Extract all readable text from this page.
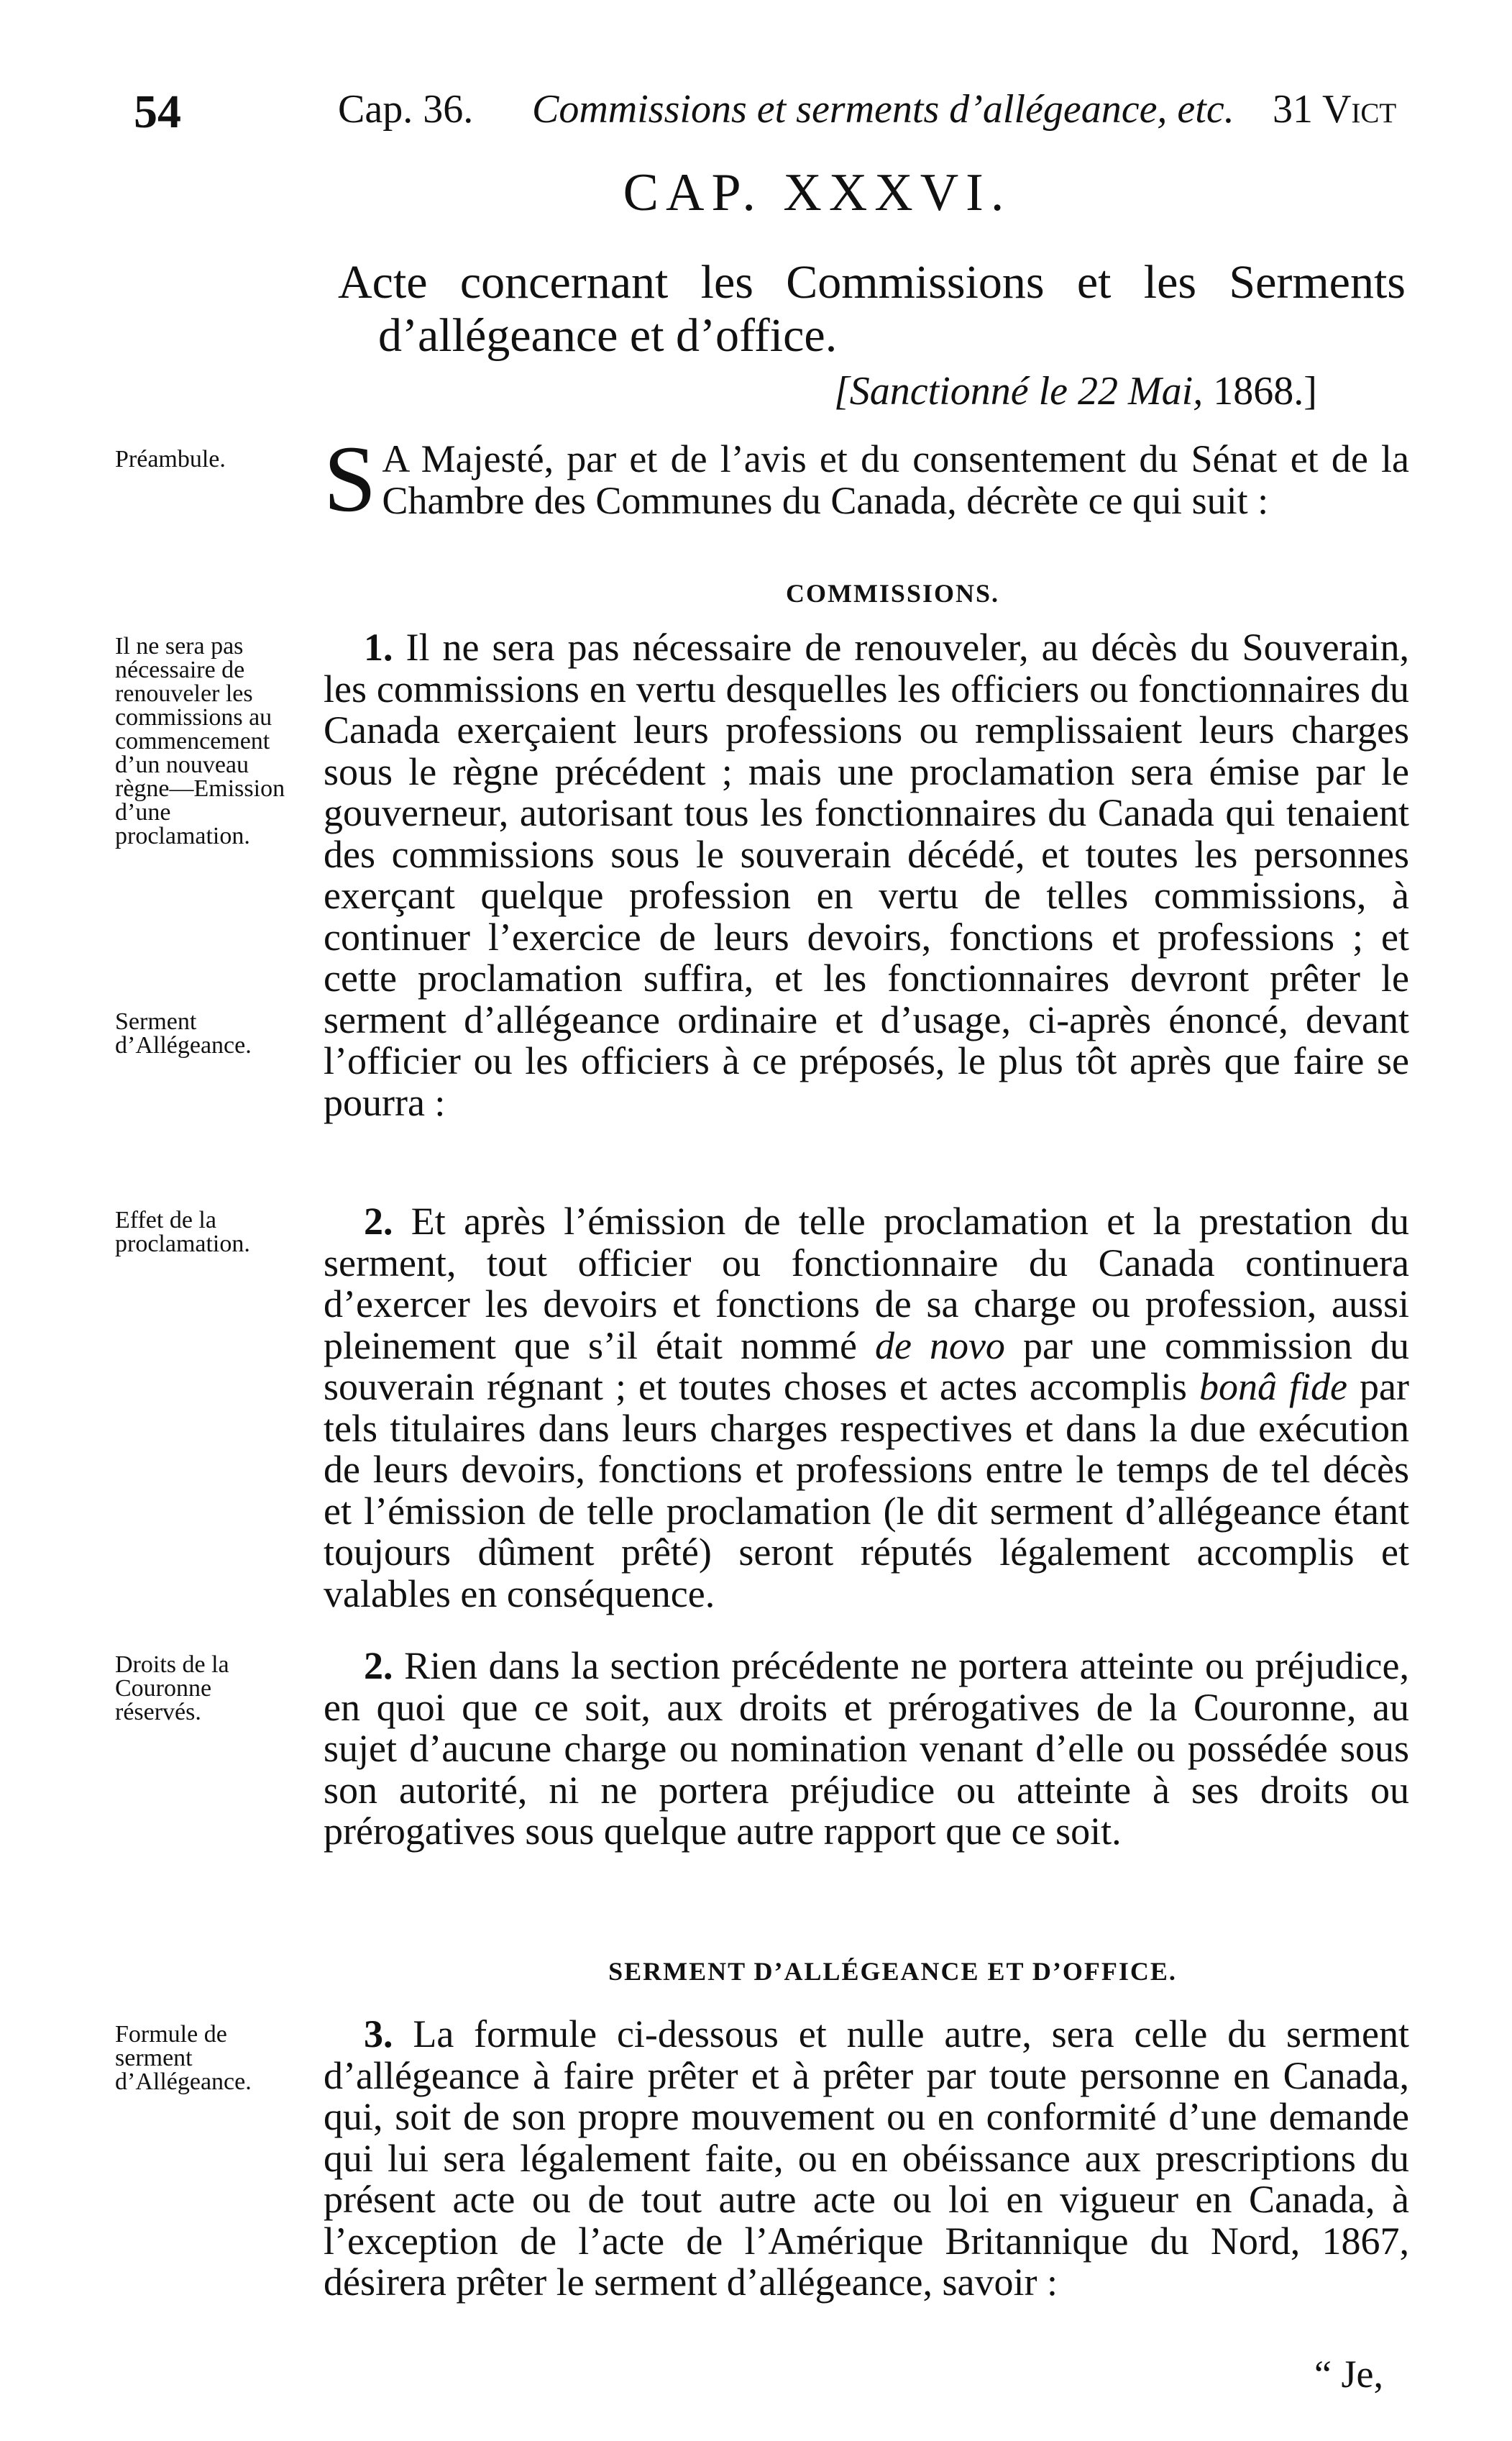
54	Cap. 36. Commissions et serments d’allégeance, etc. 31 Vict
CAP. XXXVI.
Acte concernant les Commissions et les Serments
d’allégeance et d’office.
[Sanctionné le 22 Mai, 1868.]
Préambule.
Il ne sera pas nécessaire de renouveler les commissions au commencement d’un nouveau règne—Emission d’une proclamation.
Serment d’Allégeance.
Effet de la proclamation.
Droits de la Couronne réservés.
Formule de serment d’Allégeance.

S A Majesté, par et de l’avis et du consentement du Sénat et de la Chambre des Communes du Canada, décrète ce qui suit :

COMMISSIONS.

1. Il ne sera pas nécessaire de renouveler, au décès du Souverain, les commissions en vertu desquelles les officiers ou fonctionnaires du Canada exerçaient leurs professions ou remplissaient leurs charges sous le règne précédent ; mais une proclamation sera émise par le gouverneur, autorisant tous les fonctionnaires du Canada qui tenaient des commissions sous le souverain décédé, et toutes les personnes exerçant quelque profession en vertu de telles commissions, à continuer l’exercice de leurs devoirs, fonctions et professions ; et cette proclamation suffira, et les fonctionnaires devront prêter le serment d’allégeance ordinaire et d’usage, ci-après énoncé, devant l’officier ou les officiers à ce préposés, le plus tôt après que faire se pourra :

2. Et après l’émission de telle proclamation et la prestation du serment, tout officier ou fonctionnaire du Canada continuera d’exercer les devoirs et fonctions de sa charge ou profession, aussi pleinement que s’il était nommé de novo par une commission du souverain régnant ; et toutes choses et actes accomplis bonâ fide par tels titulaires dans leurs charges respectives et dans la due exécution de leurs devoirs, fonctions et professions entre le temps de tel décès et l’émission de telle proclamation (le dit serment d’allégeance étant toujours dûment prêté) seront réputés légalement accomplis et valables en conséquence.

2. Rien dans la section précédente ne portera atteinte ou préjudice, en quoi que ce soit, aux droits et prérogatives de la Couronne, au sujet d’aucune charge ou nomination venant d’elle ou possédée sous son autorité, ni ne portera préjudice ou atteinte à ses droits ou prérogatives sous quelque autre rapport que ce soit.

SERMENT D’ALLÉGEANCE ET D’OFFICE.

3. La formule ci-dessous et nulle autre, sera celle du serment d’allégeance à faire prêter et à prêter par toute personne en Canada, qui, soit de son propre mouvement ou en conformité d’une demande qui lui sera légalement faite, ou en obéissance aux prescriptions du présent acte ou de tout autre acte ou loi en vigueur en Canada, à l’exception de l’acte de l’Amérique Britannique du Nord, 1867, désirera prêter le serment d’allégeance, savoir :

“ Je,
